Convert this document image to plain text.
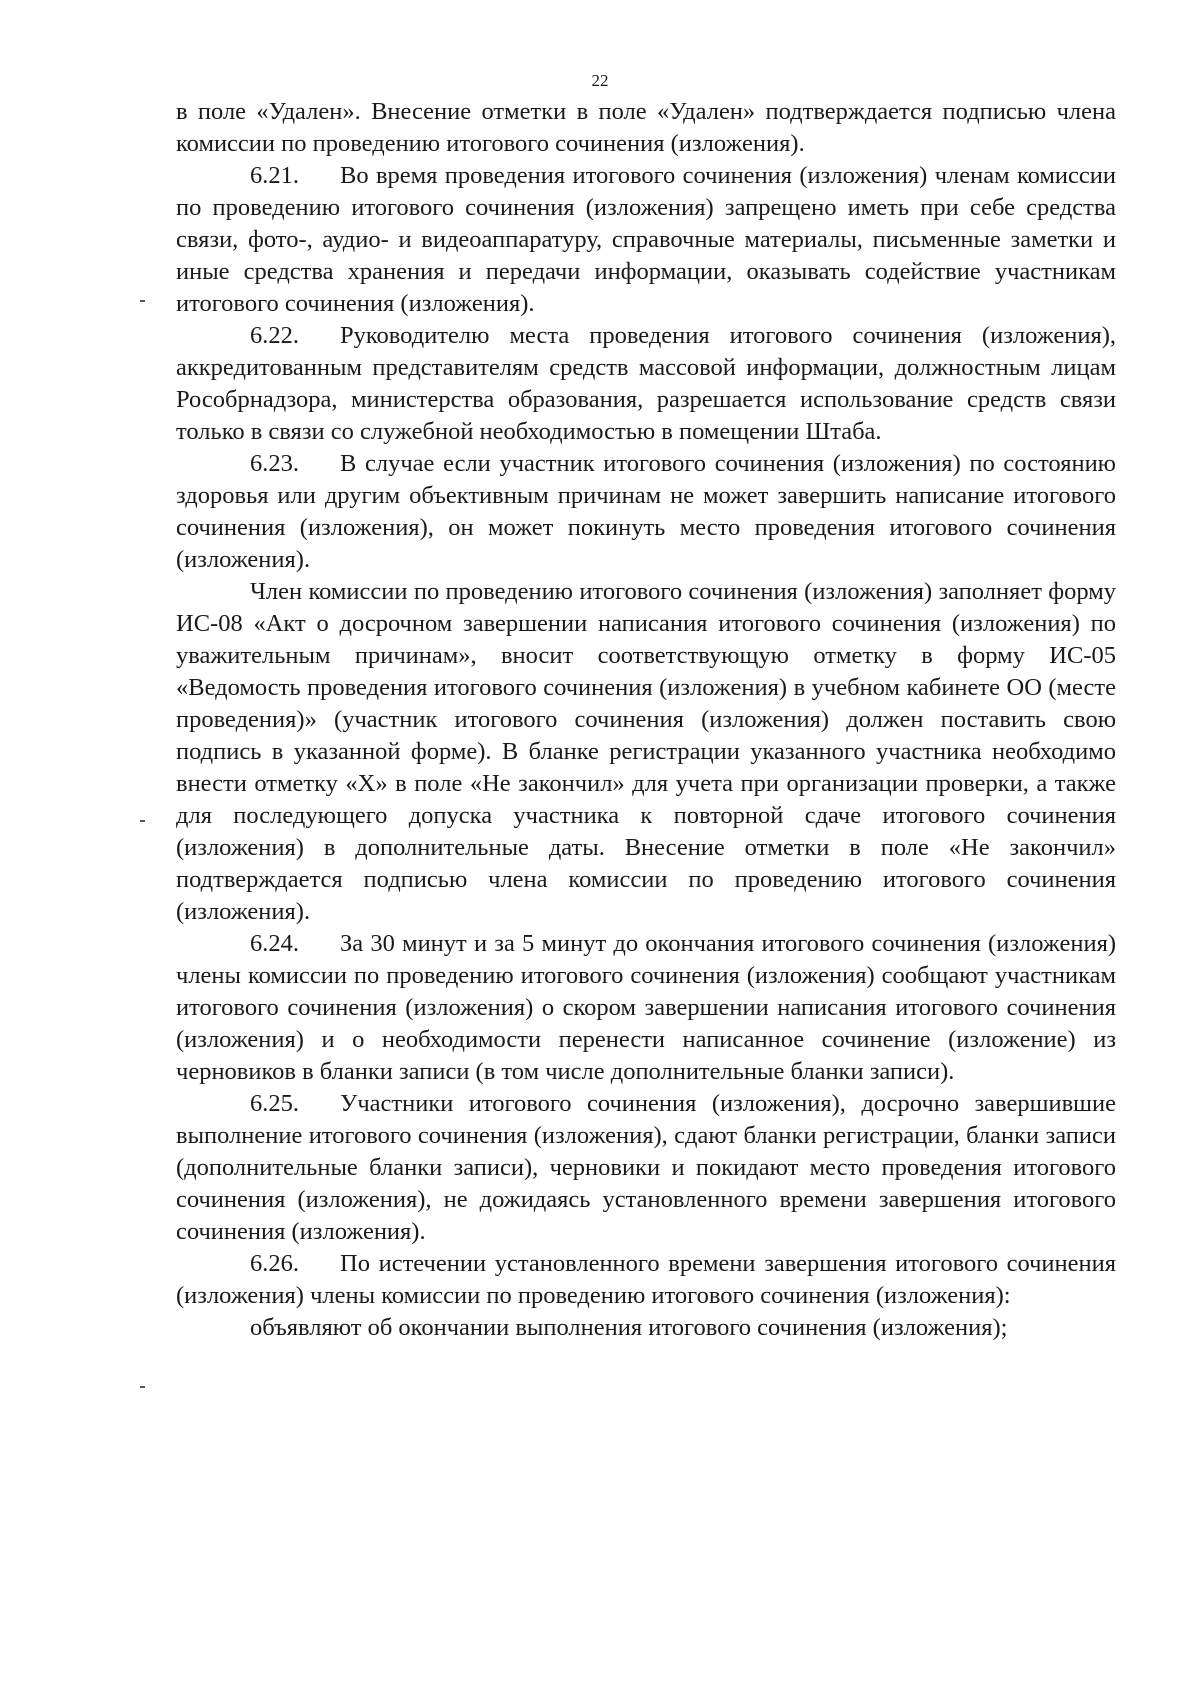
22

в поле «Удален». Внесение отметки в поле «Удален» подтверждается подписью члена комиссии по проведению итогового сочинения (изложения).

6.21. Во время проведения итогового сочинения (изложения) членам комиссии по проведению итогового сочинения (изложения) запрещено иметь при себе средства связи, фото-, аудио- и видеоаппаратуру, справочные материалы, письменные заметки и иные средства хранения и передачи информации, оказывать содействие участникам итогового сочинения (изложения).

6.22. Руководителю места проведения итогового сочинения (изложения), аккредитованным представителям средств массовой информации, должностным лицам Рособрнадзора, министерства образования, разрешается использование средств связи только в связи со служебной необходимостью в помещении Штаба.

6.23. В случае если участник итогового сочинения (изложения) по состоянию здоровья или другим объективным причинам не может завершить написание итогового сочинения (изложения), он может покинуть место проведения итогового сочинения (изложения).

Член комиссии по проведению итогового сочинения (изложения) заполняет форму ИС-08 «Акт о досрочном завершении написания итогового сочинения (изложения) по уважительным причинам», вносит соответствующую отметку в форму ИС-05 «Ведомость проведения итогового сочинения (изложения) в учебном кабинете ОО (месте проведения)» (участник итогового сочинения (изложения) должен поставить свою подпись в указанной форме). В бланке регистрации указанного участника необходимо внести отметку «X» в поле «Не закончил» для учета при организации проверки, а также для последующего допуска участника к повторной сдаче итогового сочинения (изложения) в дополнительные даты. Внесение отметки в поле «Не закончил» подтверждается подписью члена комиссии по проведению итогового сочинения (изложения).

6.24. За 30 минут и за 5 минут до окончания итогового сочинения (изложения) члены комиссии по проведению итогового сочинения (изложения) сообщают участникам итогового сочинения (изложения) о скором завершении написания итогового сочинения (изложения) и о необходимости перенести написанное сочинение (изложение) из черновиков в бланки записи (в том числе дополнительные бланки записи).

6.25. Участники итогового сочинения (изложения), досрочно завершившие выполнение итогового сочинения (изложения), сдают бланки регистрации, бланки записи (дополнительные бланки записи), черновики и покидают место проведения итогового сочинения (изложения), не дожидаясь установленного времени завершения итогового сочинения (изложения).

6.26. По истечении установленного времени завершения итогового сочинения (изложения) члены комиссии по проведению итогового сочинения (изложения):

объявляют об окончании выполнения итогового сочинения (изложения);
